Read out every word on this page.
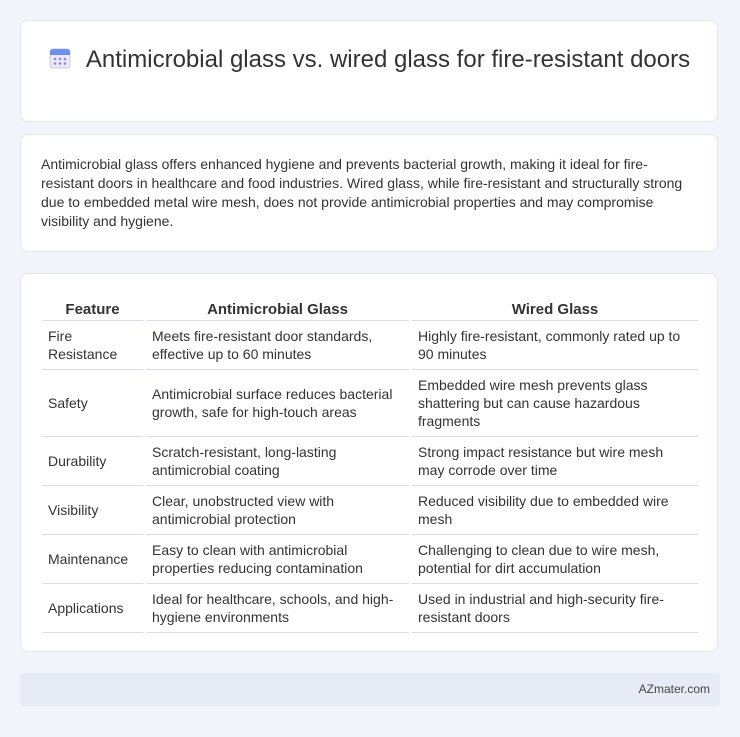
Antimicrobial glass vs. wired glass for fire-resistant doors

Antimicrobial glass offers enhanced hygiene and prevents bacterial growth, making it ideal for fire-resistant doors in healthcare and food industries. Wired glass, while fire-resistant and structurally strong due to embedded metal wire mesh, does not provide antimicrobial properties and may compromise visibility and hygiene.

Feature	Antimicrobial Glass	Wired Glass
Fire Resistance	Meets fire-resistant door standards, effective up to 60 minutes	Highly fire-resistant, commonly rated up to 90 minutes
Safety	Antimicrobial surface reduces bacterial growth, safe for high-touch areas	Embedded wire mesh prevents glass shattering but can cause hazardous fragments
Durability	Scratch-resistant, long-lasting antimicrobial coating	Strong impact resistance but wire mesh may corrode over time
Visibility	Clear, unobstructed view with antimicrobial protection	Reduced visibility due to embedded wire mesh
Maintenance	Easy to clean with antimicrobial properties reducing contamination	Challenging to clean due to wire mesh, potential for dirt accumulation
Applications	Ideal for healthcare, schools, and high-hygiene environments	Used in industrial and high-security fire-resistant doors
AZmater.com
